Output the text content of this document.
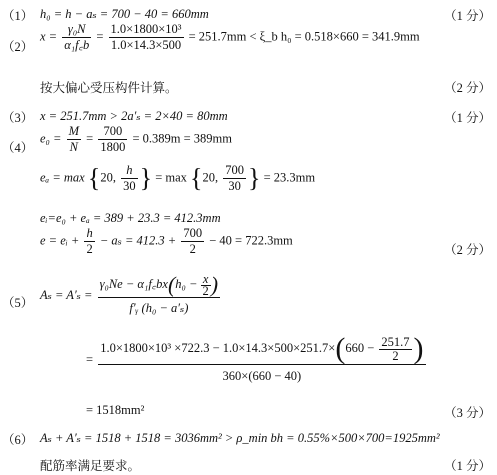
（1） h₀ = h − aₛ = 700 − 40 = 660mm	（1 分）
（2）
$x = \frac{\text{γ₀N}}{\text{α₁f꜀b}} = \frac{\text{1.0×1800×10³}}{1.0\times 14.3\times 500} = 251.7mm$ < ξ_b h₀ = 0.518×660 = 341.9mm
按大偏心受压构件计算。	（2 分）
（3） x = 251.7mm > 2a′ₛ = 2×40 = 80mm	（1 分）
（4）
$e_0 = \frac{M}{N} = \frac{700}{1800} = 0.389m = 389mm$
eₐ = max {20, $\frac{h}{30}$ } = max {20, $\frac{700}{30}$ } = 23.3mm
eᵢ=e₀ + eₐ = 389 + 23.3 = 412.3mm
e = eᵢ + $\frac{h}{2} - a_s = 412.3 + \frac{700}{2} - 40 = 722.3mm$
（2 分）
（5）
$A_s = A'_s = \frac{\gamma_0Ne - \alpha_1f꜀bx(h_0 - \frac{x}{2} )}{\text{f′ᵧ (h₀ − a′ₛ)}}$
=
$1.0\times 1800\times 10^3 \times 722.3 - 1.0\times 14.3\times 500\times 251.7\times(660 - \frac{251.7}{2}$ )
360×(660 − 40)
= 1518mm²	（3 分）
（6） Aₛ + A′ₛ = 1518 + 1518 = 3036mm² > ρ_min bh = 0.55%×500×700=1925mm²
配筋率满足要求。	（1 分）
